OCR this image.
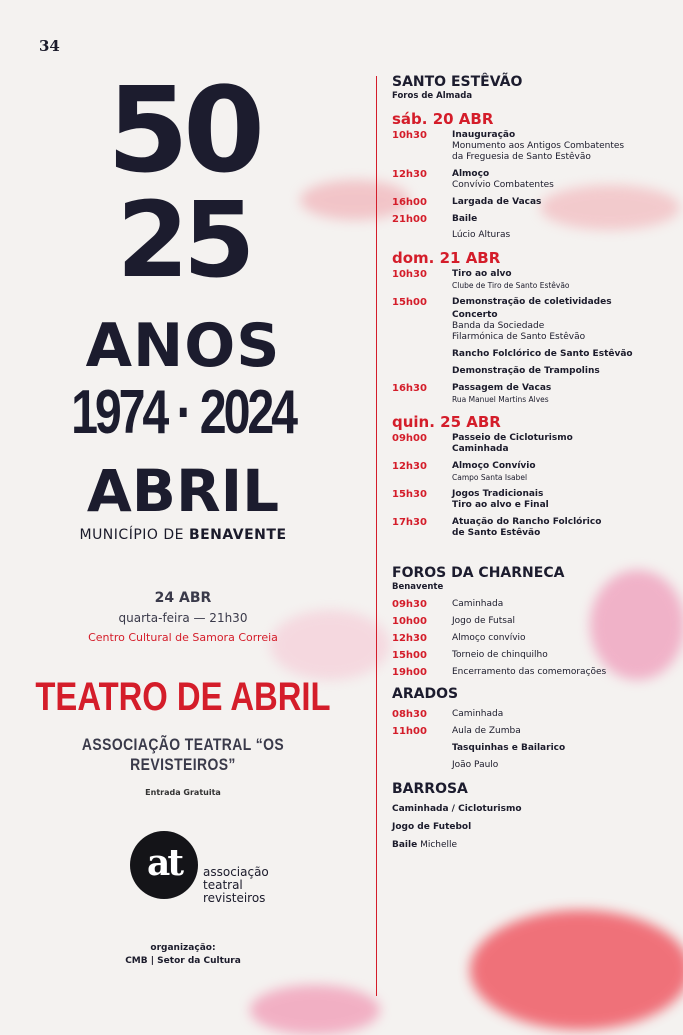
34
50
25
ANOS
1974 · 2024
ABRIL
MUNICÍPIO DE BENAVENTE
24 ABR
quarta-feira — 21h30
Centro Cultural de Samora Correia
TEATRO DE ABRIL
ASSOCIAÇÃO TEATRAL “OS REVISTEIROS”
Entrada Gratuita
at	associação
teatral
revisteiros
organização:
CMB | Setor da Cultura
SANTO ESTÊVÃO
Foros de Almada
sáb. 20 ABR
10h30	Inauguração
Monumento aos Antigos Combatentes
da Freguesia de Santo Estêvão
12h30	Almoço
Convívio Combatentes
16h00	Largada de Vacas
21h00	Baile
Lúcio Alturas
dom. 21 ABR
10h30	Tiro ao alvo
Clube de Tiro de Santo Estêvão
15h00	Demonstração de coletividades
Concerto
Banda da Sociedade
Filarmónica de Santo Estêvão
Rancho Folclórico de Santo Estêvão
Demonstração de Trampolins
16h30	Passagem de Vacas
Rua Manuel Martins Alves
quin. 25 ABR
09h00	Passeio de Cicloturismo
Caminhada
12h30	Almoço Convívio
Campo Santa Isabel
15h30	Jogos Tradicionais
Tiro ao alvo e Final
17h30	Atuação do Rancho Folclórico
de Santo Estêvão
FOROS DA CHARNECA
Benavente
09h30	Caminhada
10h00	Jogo de Futsal
12h30	Almoço convívio
15h00	Torneio de chinquilho
19h00	Encerramento das comemorações
ARADOS
08h30	Caminhada
11h00	Aula de Zumba
Tasquinhas e Bailarico
João Paulo
BARROSA
Caminhada / Cicloturismo
Jogo de Futebol
Baile Michelle
